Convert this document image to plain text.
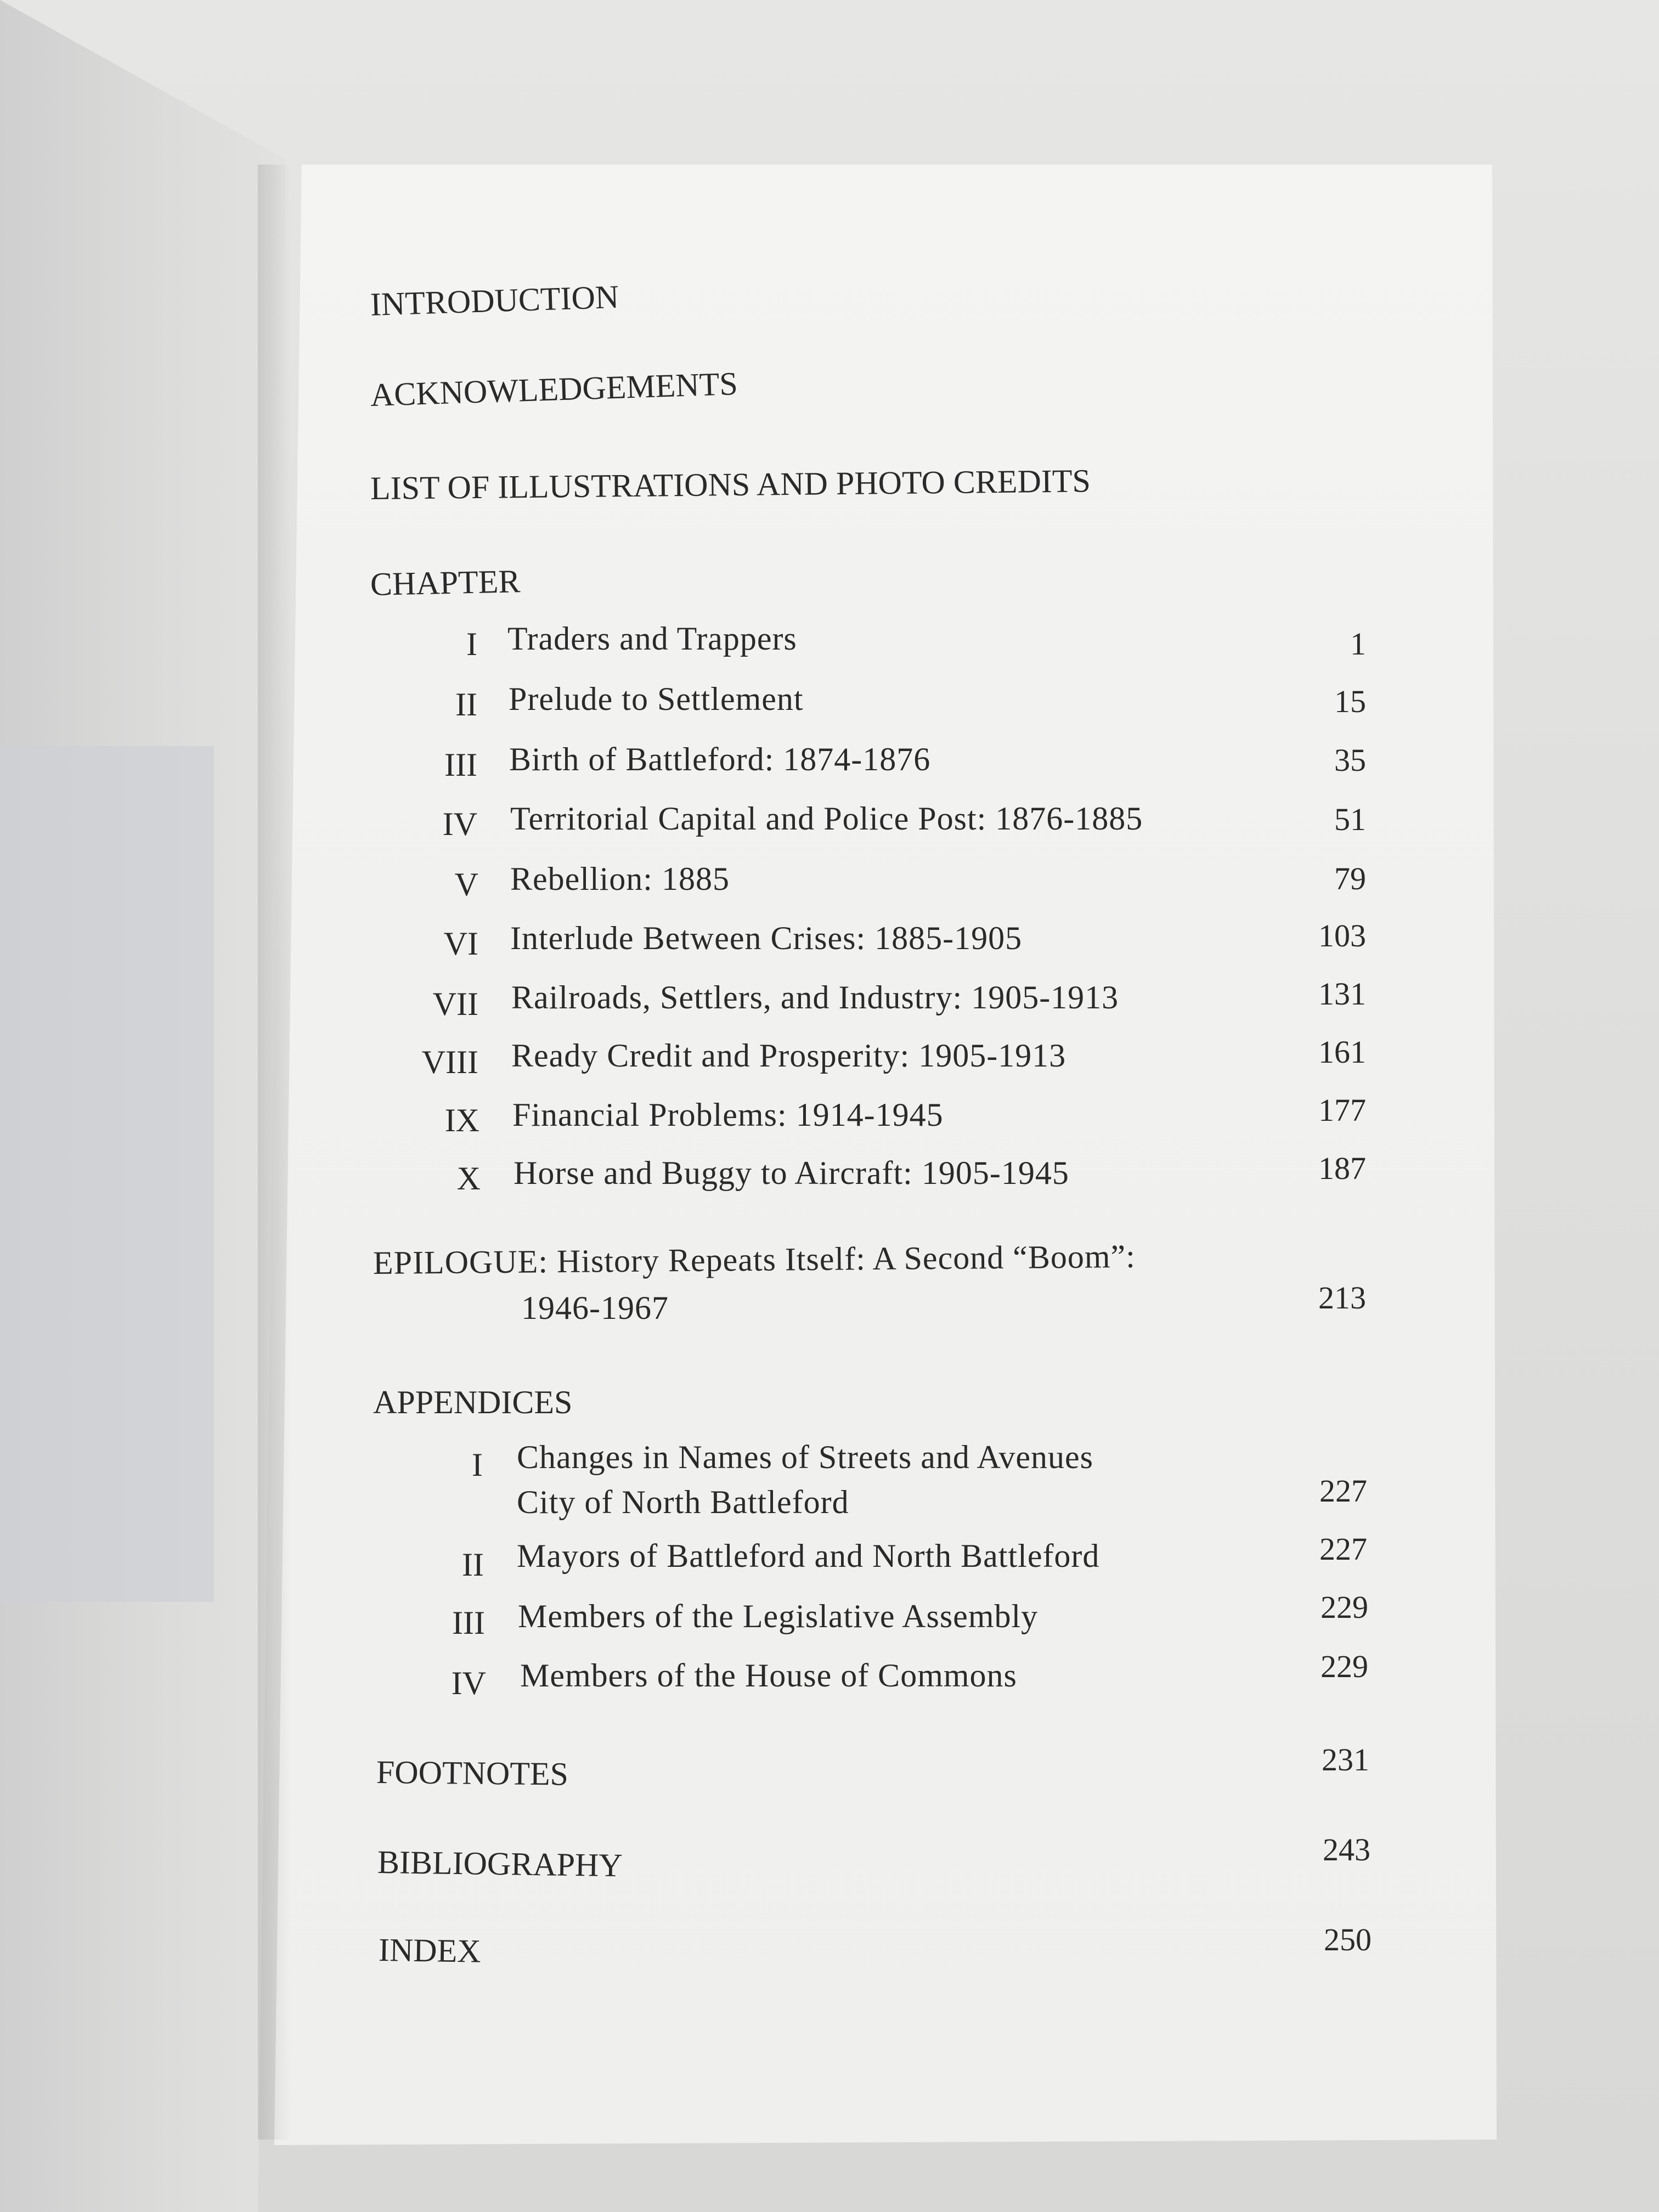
INTRODUCTION
ACKNOWLEDGEMENTS
LIST OF ILLUSTRATIONS AND PHOTO CREDITS
CHAPTER
I Traders and Trappers	1
II Prelude to Settlement	15
III Birth of Battleford: 1874-1876	35
IV Territorial Capital and Police Post: 1876-1885	51
V Rebellion: 1885	79
VI Interlude Between Crises: 1885-1905	103
VII Railroads, Settlers, and Industry: 1905-1913	131
VIII Ready Credit and Prosperity: 1905-1913	161
IX Financial Problems: 1914-1945	177
X Horse and Buggy to Aircraft: 1905-1945	187
EPILOGUE: History Repeats Itself: A Second “Boom”:
1946-1967	213
APPENDICES
I Changes in Names of Streets and Avenues
City of North Battleford	227
II Mayors of Battleford and North Battleford	227
III Members of the Legislative Assembly	229
IV Members of the House of Commons	229
FOOTNOTES	231
BIBLIOGRAPHY	243
INDEX	250
